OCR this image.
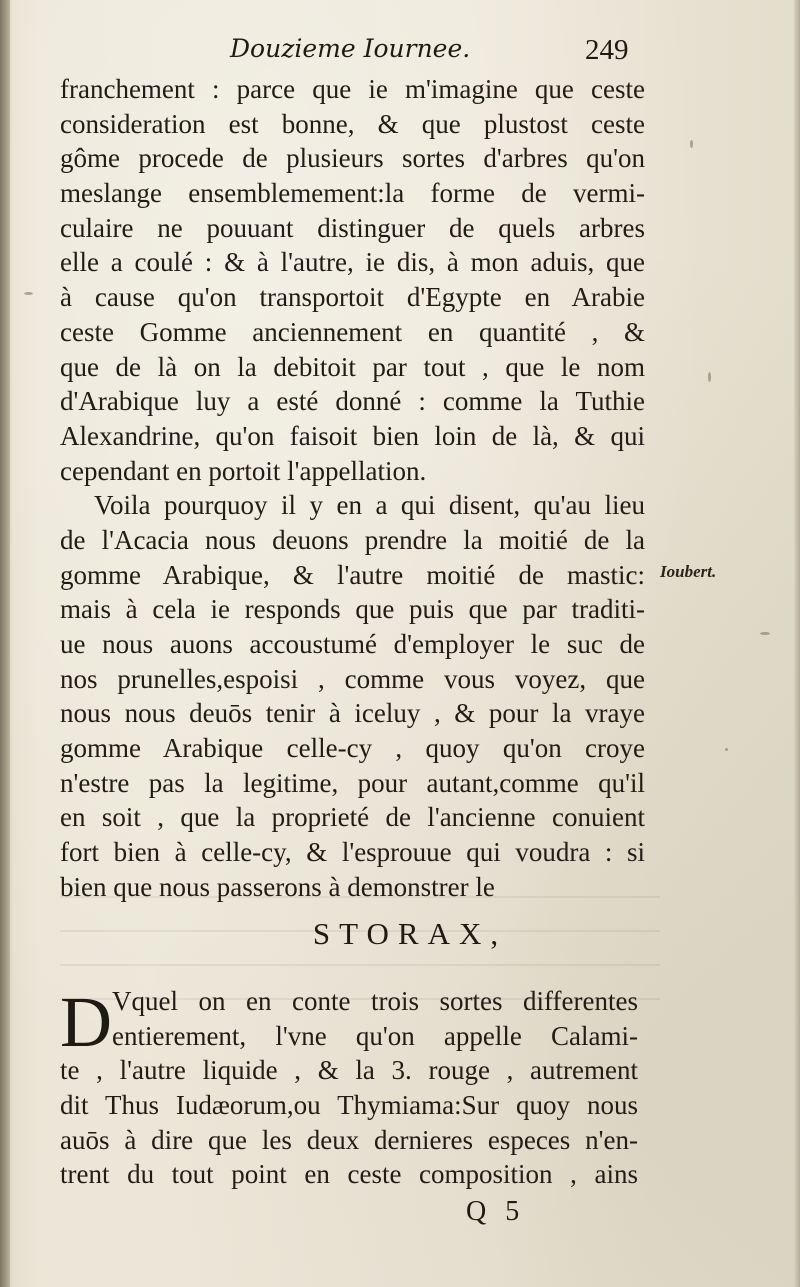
Douzieme Iournee.	249
franchement : parce que ie m'imagine que ceste
consideration est bonne, & que plustost ceste
gôme procede de plusieurs sortes d'arbres qu'on
meslange ensemblemement:la forme de vermi-
culaire ne pouuant distinguer de quels arbres
elle a coulé : & à l'autre, ie dis, à mon aduis, que
à cause qu'on transportoit d'Egypte en Arabie
ceste Gomme anciennement en quantité , &
que de là on la debitoit par tout , que le nom
d'Arabique luy a esté donné : comme la Tuthie
Alexandrine, qu'on faisoit bien loin de là, & qui
cependant en portoit l'appellation.
Voila pourquoy il y en a qui disent, qu'au lieu
de l'Acacia nous deuons prendre la moitié de la
gomme Arabique, & l'autre moitié de mastic:
mais à cela ie responds que puis que par traditi-
ue nous auons accoustumé d'employer le suc de
nos prunelles,espoisi , comme vous voyez, que
nous nous deuōs tenir à iceluy , & pour la vraye
gomme Arabique celle-cy , quoy qu'on croye
n'estre pas la legitime, pour autant,comme qu'il
en soit , que la proprieté de l'ancienne conuient
fort bien à celle-cy, & l'esprouue qui voudra : si
bien que nous passerons à demonstrer le
Ioubert.
STORAX,
D Vquel on en conte trois sortes differentes
entierement, l'vne qu'on appelle Calami-
te , l'autre liquide , & la 3. rouge , autrement
dit Thus Iudæorum,ou Thymiama:Sur quoy nous
auōs à dire que les deux dernieres especes n'en-
trent du tout point en ceste composition , ains
Q 5
